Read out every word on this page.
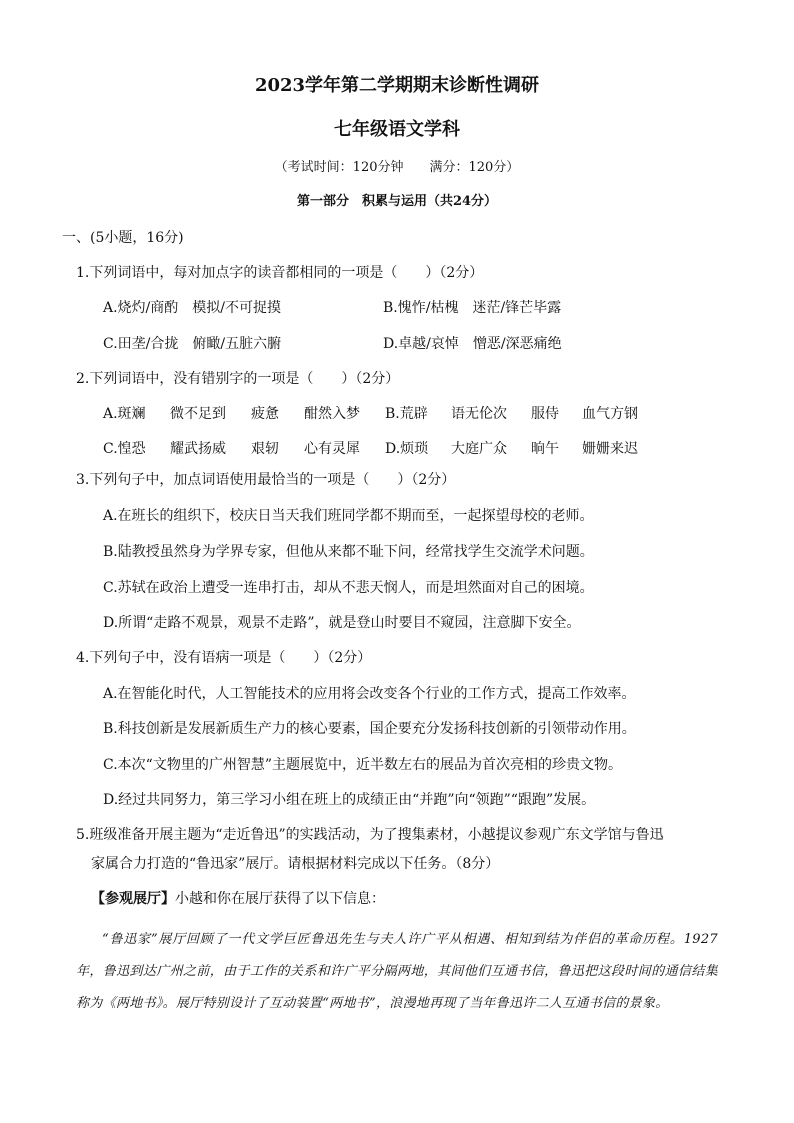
2023学年第二学期期末诊断性调研
七年级语文学科
（考试时间：120分钟　　满分：120分）
第一部分　积累与运用（共24分）
一、(5小题，16分)
1.下列词语中，每对加点字的读音都相同的一项是（　　）（2分）
A.烧灼/商酌　模拟/不可捉摸	B.愧怍/枯槐　迷茫/锋芒毕露
C.田垄/合拢　俯瞰/五脏六腑	D.卓越/哀悼　憎恶/深恶痛绝
2.下列词语中，没有错别字的一项是（　　）（2分）
A.斑斓	微不足到	疲惫	酣然入梦	B.荒辟	语无伦次	服侍	血气方钢
C.惶恐	耀武扬威	艰轫	心有灵犀	D.烦琐	大庭广众	晌午	姗姗来迟
3.下列句子中，加点词语使用最恰当的一项是（　　）（2分）
A.在班长的组织下，校庆日当天我们班同学都不期而至，一起探望母校的老师。
B.陆教授虽然身为学界专家，但他从来都不耻下问，经常找学生交流学术问题。
C.苏轼在政治上遭受一连串打击，却从不悲天悯人，而是坦然面对自己的困境。
D.所谓“走路不观景，观景不走路”，就是登山时要目不窥园，注意脚下安全。
4.下列句子中，没有语病一项是（　　）（2分）
A.在智能化时代，人工智能技术的应用将会改变各个行业的工作方式，提高工作效率。
B.科技创新是发展新质生产力的核心要素，国企要充分发扬科技创新的引领带动作用。
C.本次“文物里的广州智慧”主题展览中，近半数左右的展品为首次亮相的珍贵文物。
D.经过共同努力，第三学习小组在班上的成绩正由“并跑”向“领跑”“跟跑”发展。
5.班级准备开展主题为“走近鲁迅”的实践活动，为了搜集素材，小越提议参观广东文学馆与鲁迅
家属合力打造的“鲁迅家”展厅。请根据材料完成以下任务。（8分）
【参观展厅】小越和你在展厅获得了以下信息：

“鲁迅家”展厅回顾了一代文学巨匠鲁迅先生与夫人许广平从相遇、相知到结为伴侣的革命历程。1927年，鲁迅到达广州之前，由于工作的关系和许广平分隔两地，其间他们互通书信，鲁迅把这段时间的通信结集称为《两地书》。展厅特别设计了互动装置“两地书”，浪漫地再现了当年鲁迅许二人互通书信的景象。
